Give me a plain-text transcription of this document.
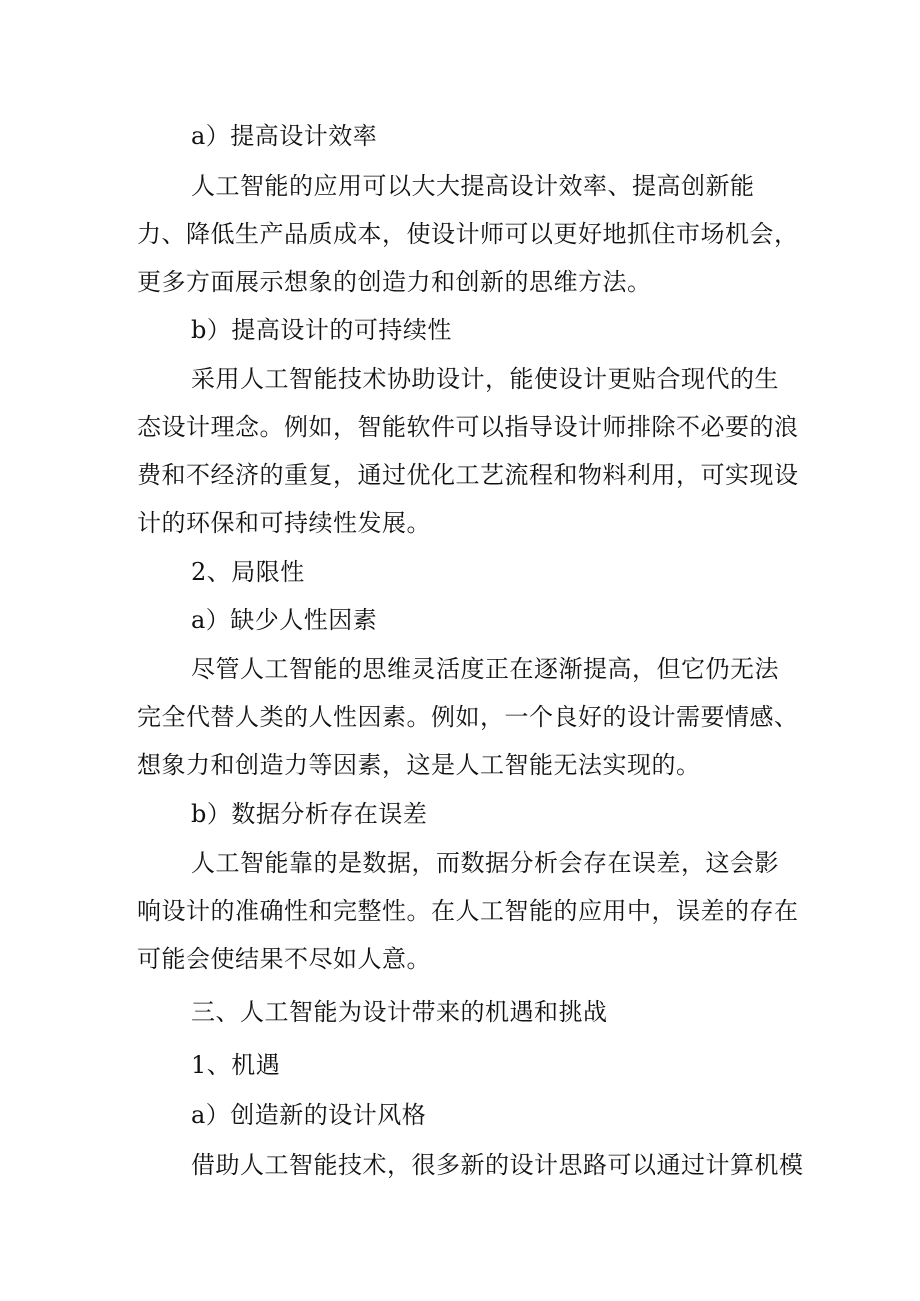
a）提高设计效率

人工智能的应用可以大大提高设计效率、提高创新能

力、降低生产品质成本，使设计师可以更好地抓住市场机会，

更多方面展示想象的创造力和创新的思维方法。

b）提高设计的可持续性

采用人工智能技术协助设计，能使设计更贴合现代的生

态设计理念。例如，智能软件可以指导设计师排除不必要的浪

费和不经济的重复，通过优化工艺流程和物料利用，可实现设

计的环保和可持续性发展。

2、局限性

a）缺少人性因素

尽管人工智能的思维灵活度正在逐渐提高，但它仍无法

完全代替人类的人性因素。例如，一个良好的设计需要情感、

想象力和创造力等因素，这是人工智能无法实现的。

b）数据分析存在误差

人工智能靠的是数据，而数据分析会存在误差，这会影

响设计的准确性和完整性。在人工智能的应用中，误差的存在

可能会使结果不尽如人意。

三、人工智能为设计带来的机遇和挑战

1、机遇

a）创造新的设计风格

借助人工智能技术，很多新的设计思路可以通过计算机模
